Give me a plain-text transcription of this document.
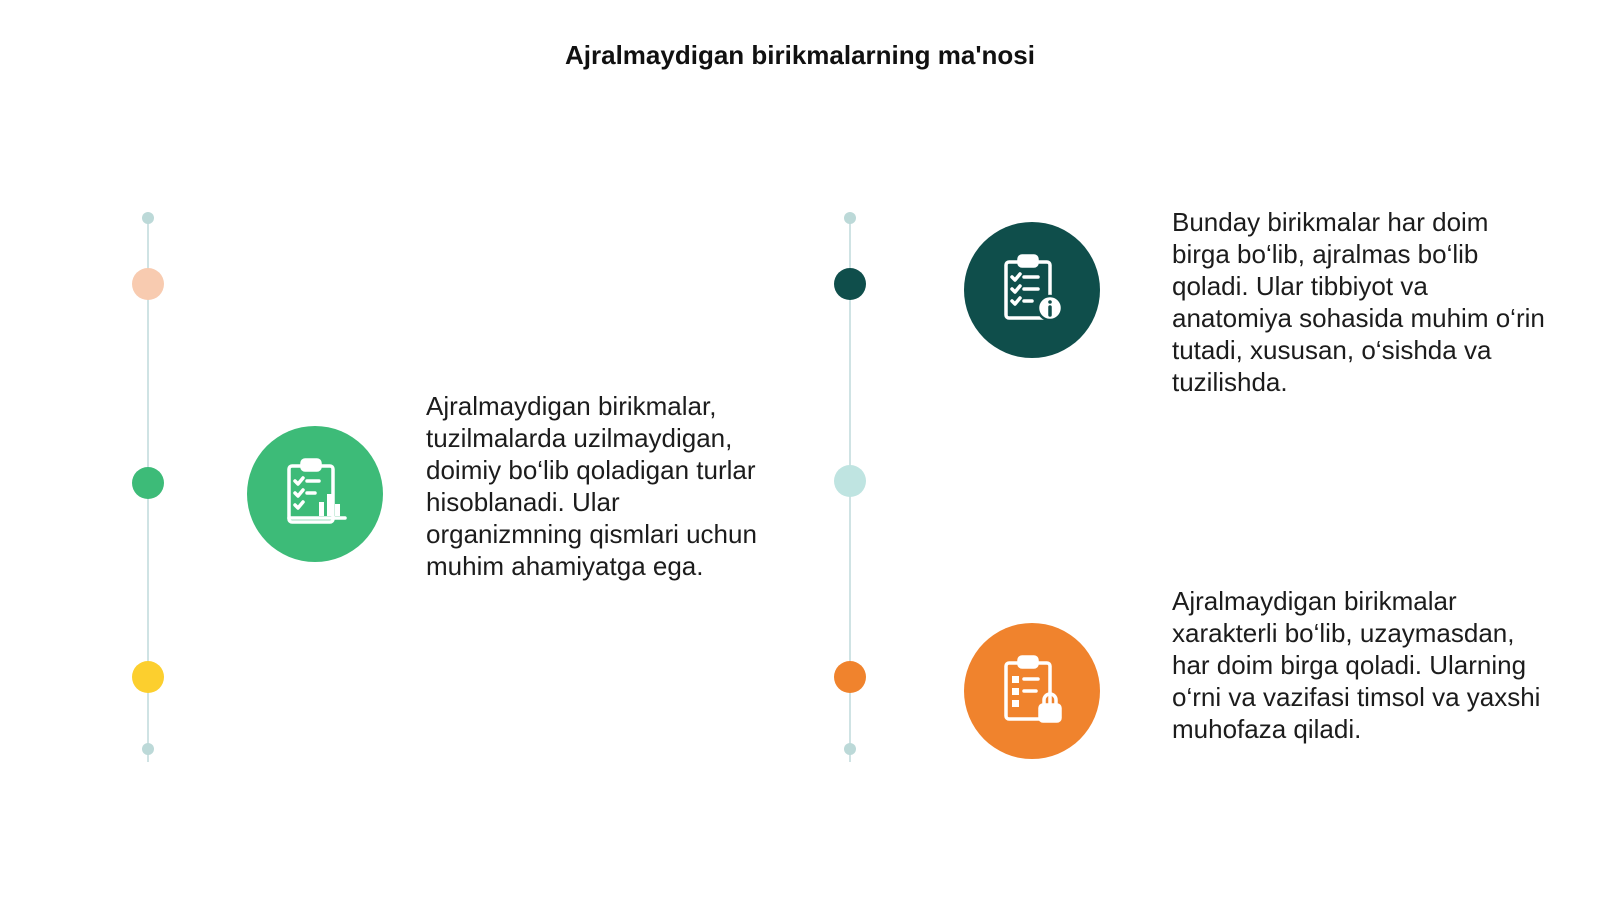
Ajralmaydigan birikmalarning ma'nosi
Ajralmaydigan birikmalar, tuzilmalarda uzilmaydigan, doimiy bo‘lib qoladigan turlar hisoblanadi. Ular organizmning qismlari uchun muhim ahamiyatga ega.
Bunday birikmalar har doim birga bo‘lib, ajralmas bo‘lib qoladi. Ular tibbiyot va anatomiya sohasida muhim o‘rin tutadi, xususan, o‘sishda va tuzilishda.
Ajralmaydigan birikmalar xarakterli bo‘lib, uzaymasdan, har doim birga qoladi. Ularning o‘rni va vazifasi timsol va yaxshi muhofaza qiladi.
